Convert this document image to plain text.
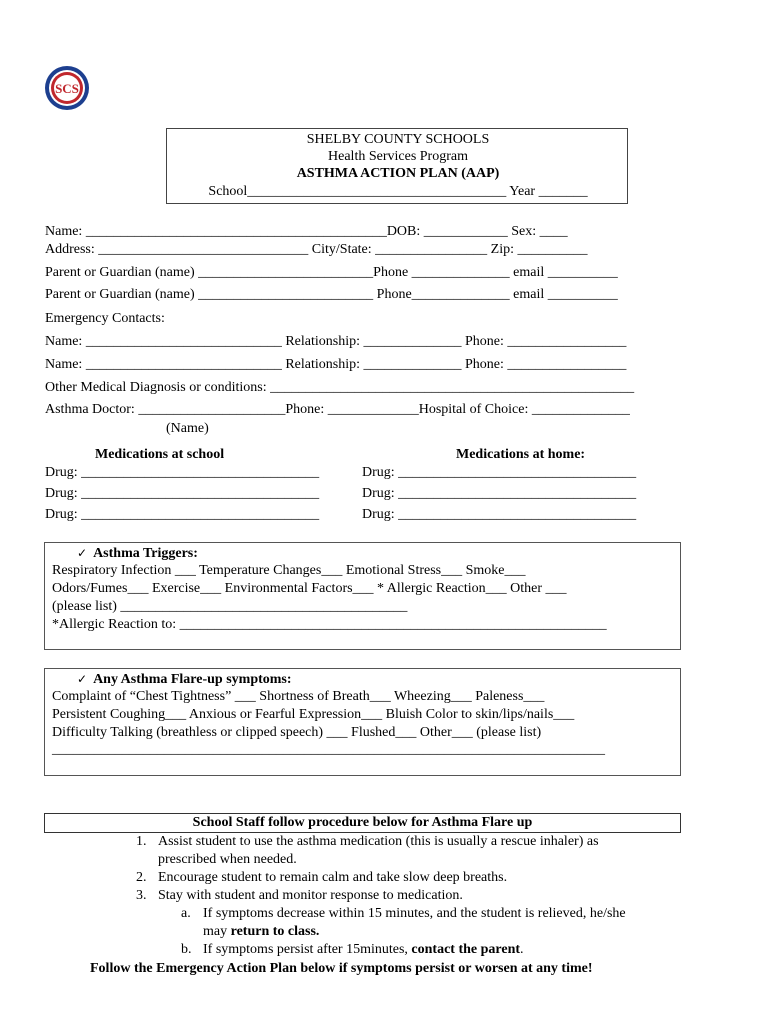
SCS
SHELBY COUNTY SCHOOLS
Health Services Program
ASTHMA ACTION PLAN (AAP)
School_____________________________________ Year _______
Name: ___________________________________________DOB: ____________ Sex: ____
Address: ______________________________ City/State: ________________ Zip: __________
Parent or Guardian (name) _________________________Phone ______________ email __________
Parent or Guardian (name) _________________________ Phone______________ email __________
Emergency Contacts:
Name: ____________________________ Relationship: ______________ Phone: _________________
Name: ____________________________ Relationship: ______________ Phone: _________________
Other Medical Diagnosis or conditions: ____________________________________________________
Asthma Doctor: _____________________Phone: _____________Hospital of Choice: ______________
(Name)
Medications at school	Medications at home:
Drug: __________________________________
Drug: __________________________________
Drug: __________________________________
Drug: __________________________________
Drug: __________________________________
Drug: __________________________________
✓ Asthma Triggers:
Respiratory Infection ___ Temperature Changes___ Emotional Stress___ Smoke___
Odors/Fumes___ Exercise___ Environmental Factors___ * Allergic Reaction___ Other ___
(please list) _________________________________________
*Allergic Reaction to: _____________________________________________________________
✓ Any Asthma Flare-up symptoms:
Complaint of “Chest Tightness” ___ Shortness of Breath___ Wheezing___ Paleness___
Persistent Coughing___ Anxious or Fearful Expression___ Bluish Color to skin/lips/nails___
Difficulty Talking (breathless or clipped speech) ___ Flushed___ Other___ (please list)
_______________________________________________________________________________
School Staff follow procedure below for Asthma Flare up
1. Assist student to use the asthma medication (this is usually a rescue inhaler) as
prescribed when needed.
2. Encourage student to remain calm and take slow deep breaths.
3. Stay with student and monitor response to medication.
a. If symptoms decrease within 15 minutes, and the student is relieved, he/she
may return to class.
b. If symptoms persist after 15minutes, contact the parent.
Follow the Emergency Action Plan below if symptoms persist or worsen at any time!
